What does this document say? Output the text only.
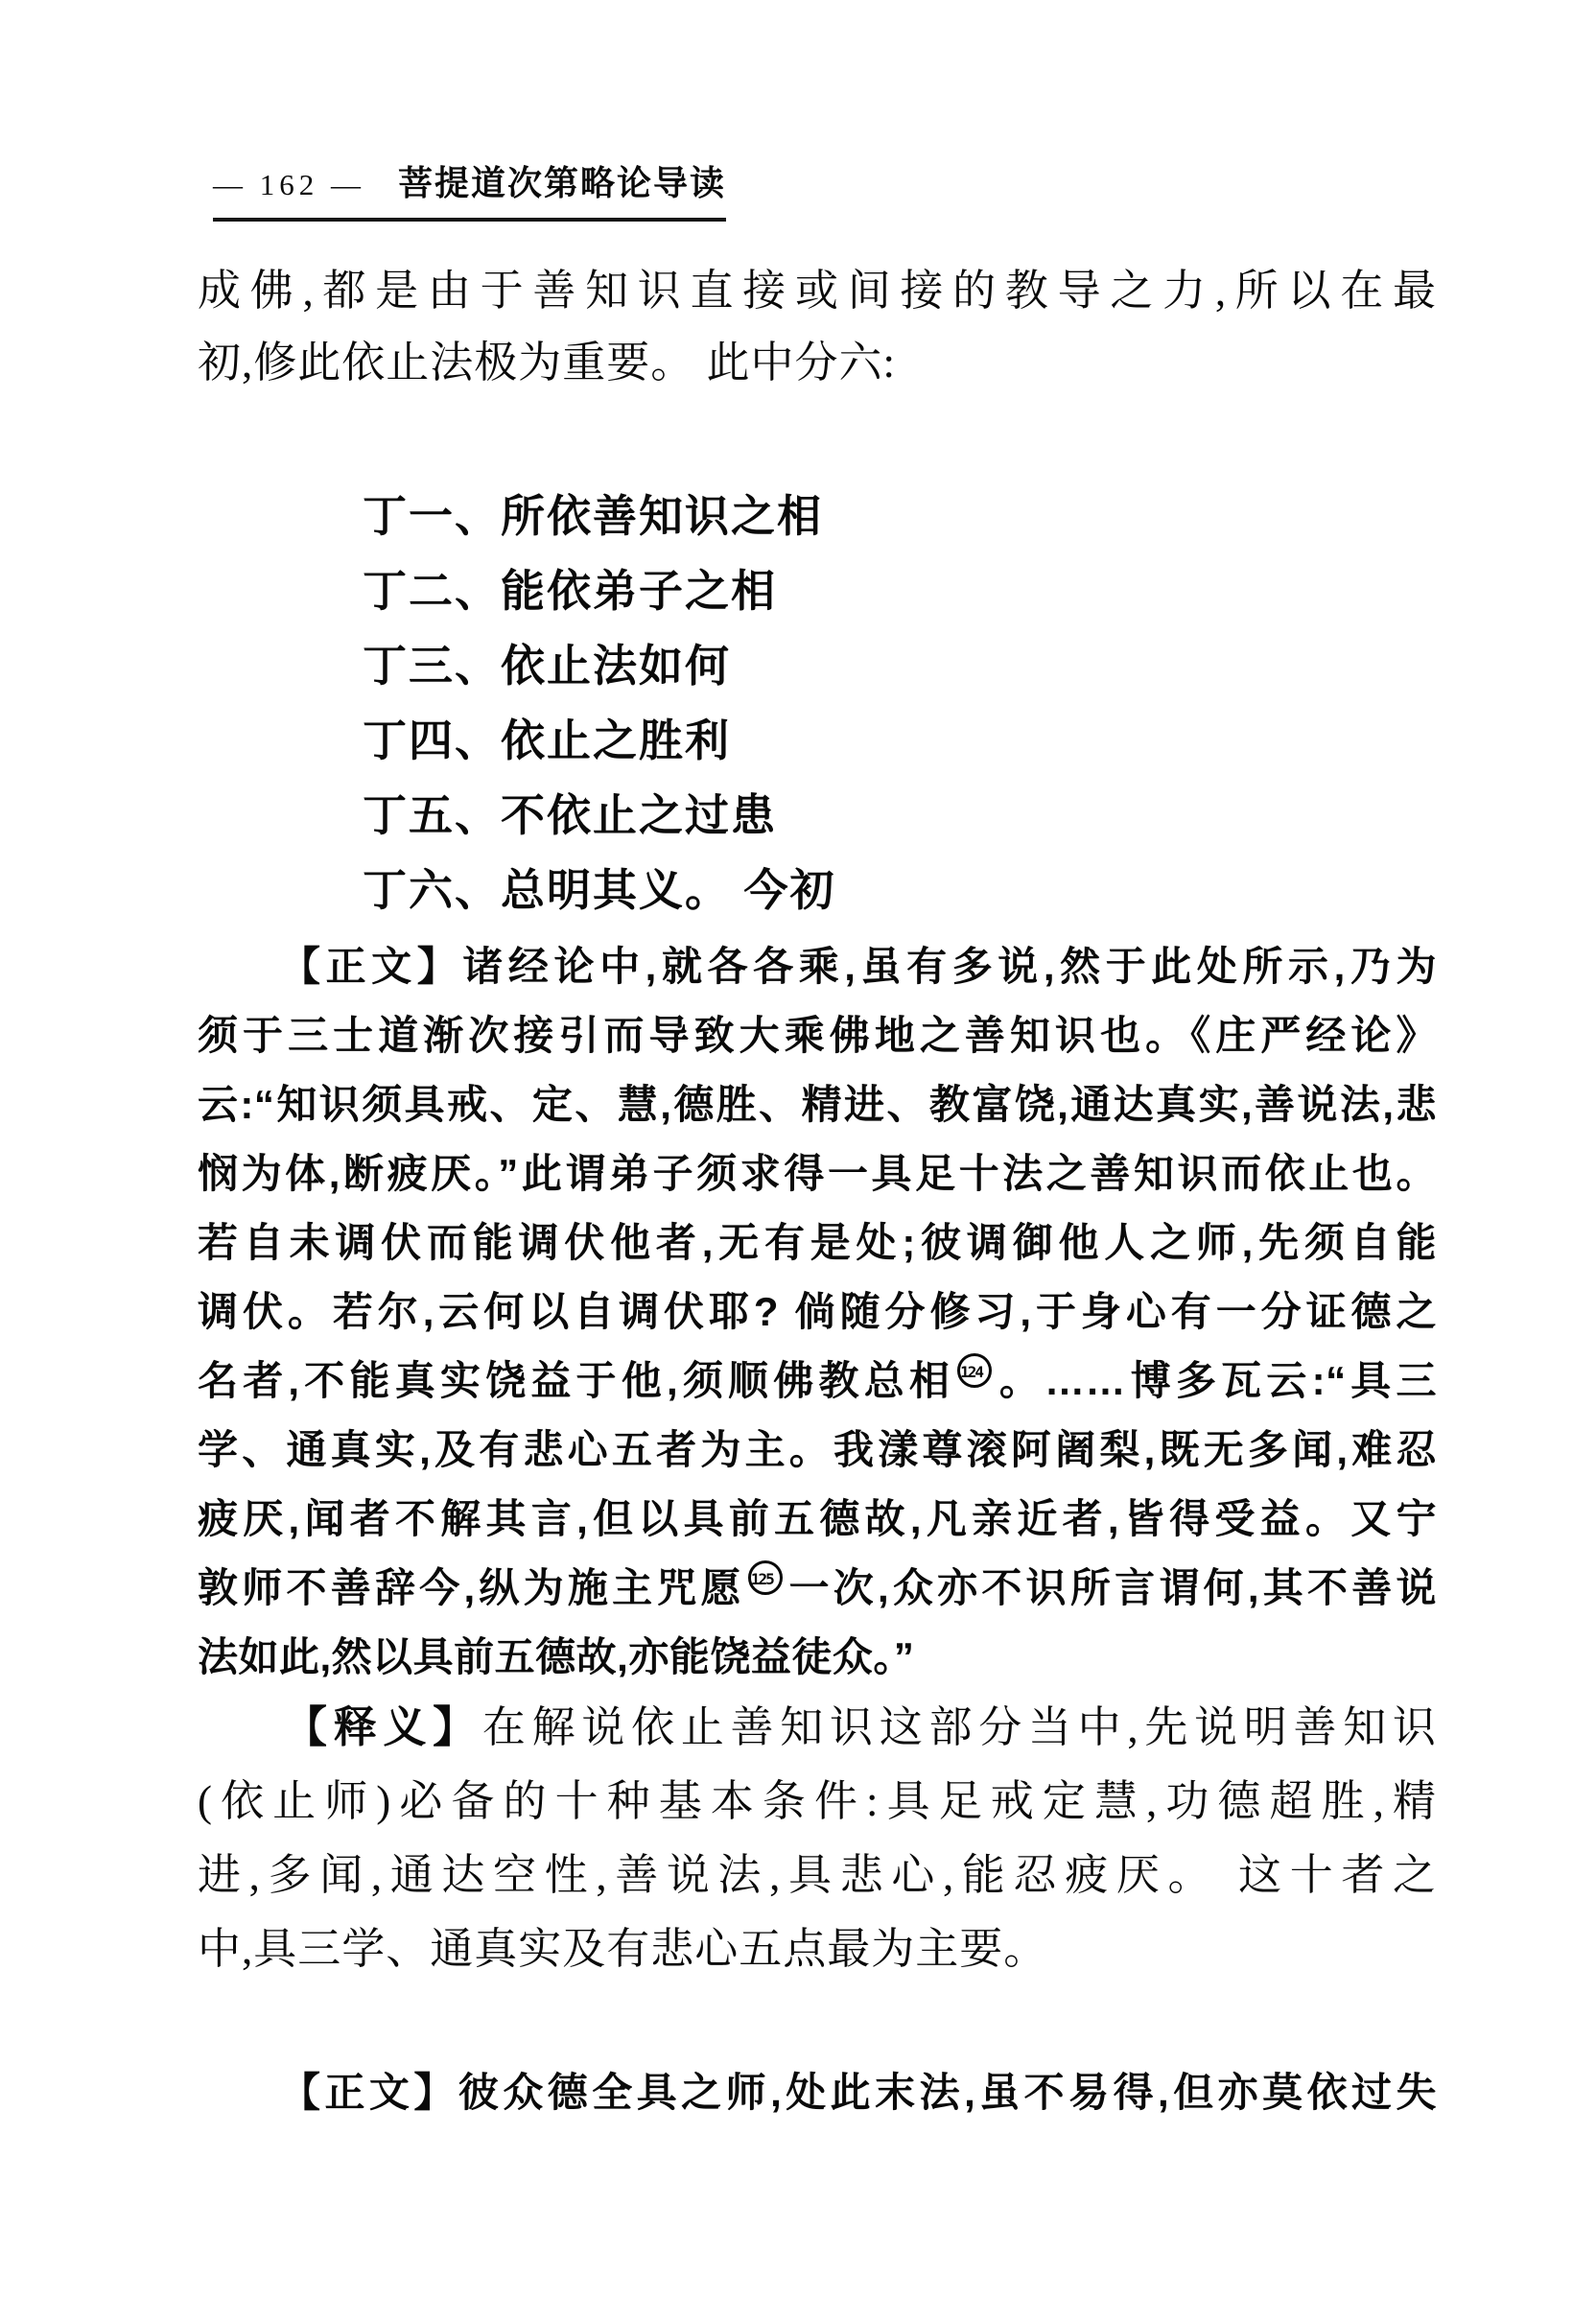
— 162 — 菩提道次第略论导读
成佛,都是由于善知识直接或间接的教导之力,所以在最
初,修此依止法极为重要。 此中分六:
丁一、所依善知识之相
丁二、能依弟子之相
丁三、依止法如何
丁四、依止之胜利
丁五、不依止之过患
丁六、总明其义。 今初
【正文】诸经论中,就各各乘,虽有多说,然于此处所示,乃为
须于三士道渐次接引而导致大乘佛地之善知识也。《庄严经论》
云:“知识须具戒、定、慧,德胜、精进、教富饶,通达真实,善说法,悲
悯为体,断疲厌。”此谓弟子须求得一具足十法之善知识而依止也。
若自未调伏而能调伏他者,无有是处;彼调御他人之师,先须自能
调伏。若尔,云何以自调伏耶? 倘随分修习,于身心有一分证德之
名者,不能真实饶益于他,须顺佛教总相 124 。……博多瓦云:“具三
学、通真实,及有悲心五者为主。我漾尊滚阿阇梨,既无多闻,难忍
疲厌,闻者不解其言,但以具前五德故,凡亲近者,皆得受益。又宁
敦师不善辞今,纵为施主咒愿 125 一次,众亦不识所言谓何,其不善说
法如此,然以具前五德故,亦能饶益徒众。”
【释义】在解说依止善知识这部分当中,先说明善知识
(依止师)必备的十种基本条件:具足戒定慧,功德超胜,精
进,多闻,通达空性,善说法,具悲心,能忍疲厌。 这十者之
中,具三学、通真实及有悲心五点最为主要。
【正文】彼众德全具之师,处此末法,虽不易得,但亦莫依过失
